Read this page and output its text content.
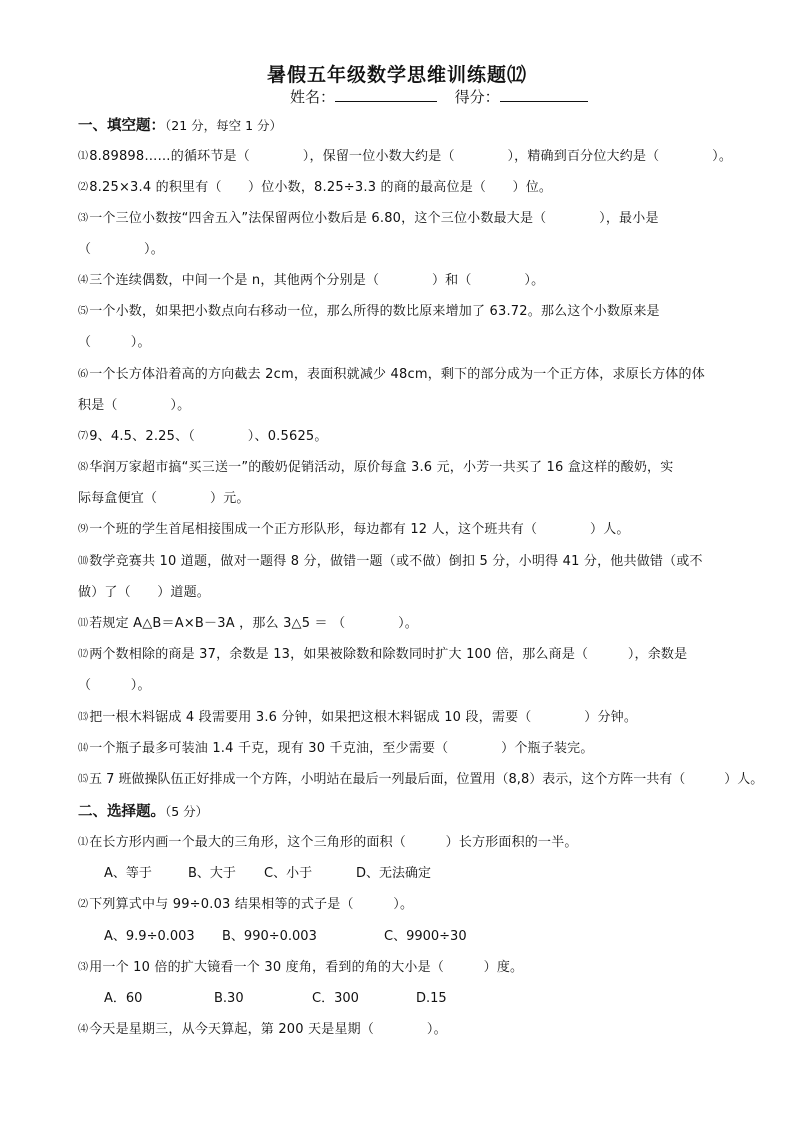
暑假五年级数学思维训练题⑿
姓名：	得分：
一、填空题：（21 分，每空 1 分）
⑴8.89898……的循环节是（　　　　），保留一位小数大约是（　　　　），精确到百分位大约是（　　　　）。
⑵8.25×3.4 的积里有（　　）位小数，8.25÷3.3 的商的最高位是（　　）位。
⑶一个三位小数按“四舍五入”法保留两位小数后是 6.80，这个三位小数最大是（　　　　），最小是
（　　　　）。
⑷三个连续偶数，中间一个是 n，其他两个分别是（　　　　）和（　　　　）。
⑸一个小数，如果把小数点向右移动一位，那么所得的数比原来增加了 63.72。那么这个小数原来是
（　　　）。
⑹一个长方体沿着高的方向截去 2cm，表面积就减少 48cm，剩下的部分成为一个正方体，求原长方体的体
积是（　　　　）。
⑺9、4.5、2.25、（　　　　）、0.5625。
⑻华润万家超市搞“买三送一”的酸奶促销活动，原价每盒 3.6 元，小芳一共买了 16 盒这样的酸奶，实
际每盒便宜（　　　　）元。
⑼一个班的学生首尾相接围成一个正方形队形，每边都有 12 人，这个班共有（　　　　）人。
⑽数学竞赛共 10 道题，做对一题得 8 分，做错一题（或不做）倒扣 5 分，小明得 41 分，他共做错（或不
做）了（　　）道题。
⑾若规定 A△B＝A×B－3A ，那么 3△5 ＝ （　　　　）。
⑿两个数相除的商是 37，余数是 13，如果被除数和除数同时扩大 100 倍，那么商是（　　　），余数是
（　　　）。
⒀把一根木料锯成 4 段需要用 3.6 分钟，如果把这根木料锯成 10 段，需要（　　　　）分钟。
⒁一个瓶子最多可装油 1.4 千克，现有 30 千克油，至少需要（　　　　）个瓶子装完。
⒂五 7 班做操队伍正好排成一个方阵，小明站在最后一列最后面，位置用（8,8）表示，这个方阵一共有（　　　）人。
二、选择题。（5 分）
⑴在长方形内画一个最大的三角形，这个三角形的面积（　　　）长方形面积的一半。
A、等于	B、大于 C、小于	D、无法确定
⑵下列算式中与 99÷0.03 结果相等的式子是（　　　）。
A、9.9÷0.003 B、990÷0.003	C、9900÷30
⑶用一个 10 倍的扩大镜看一个 30 度角，看到的角的大小是（　　　）度。
A．60	B.30	C．300	D.15
⑷今天是星期三，从今天算起，第 200 天是星期（　　　　）。
